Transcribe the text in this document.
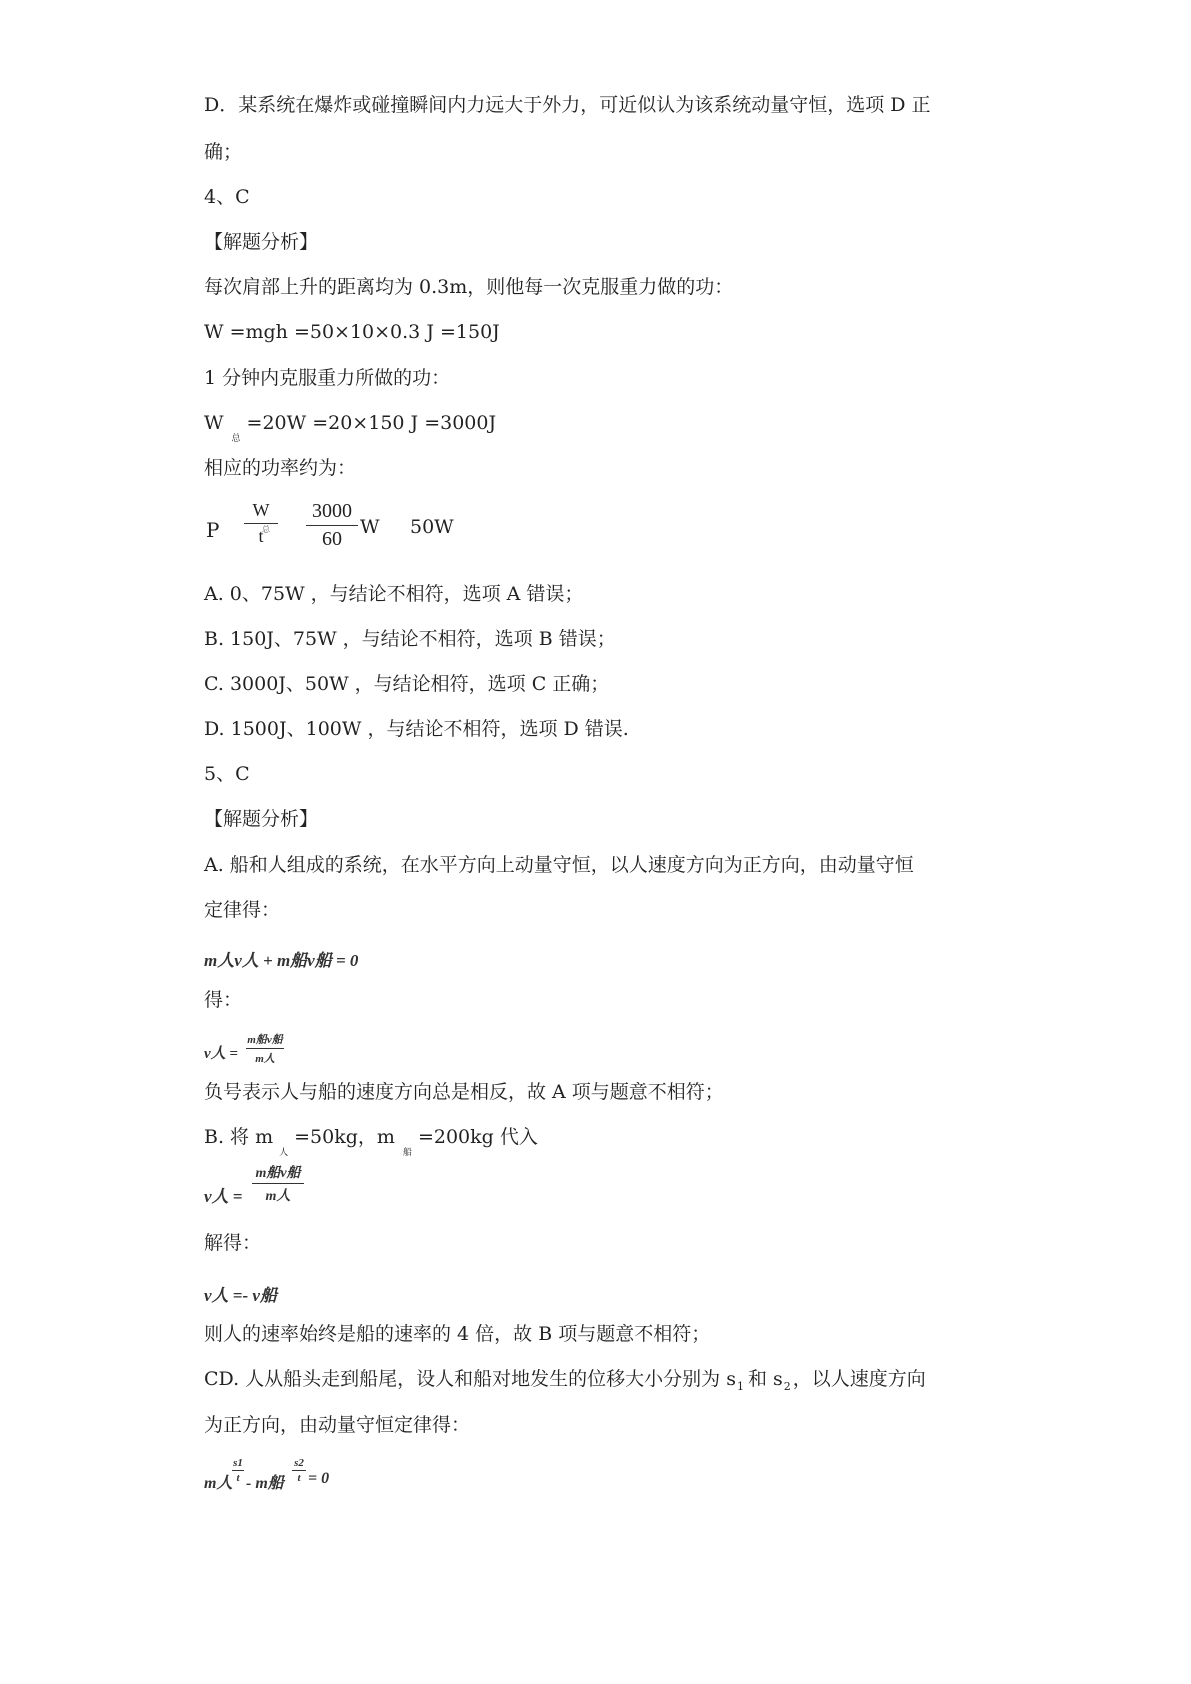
D．某系统在爆炸或碰撞瞬间内力远大于外力，可近似认为该系统动量守恒，选项 D 正
确；
4、C
【解题分析】
每次肩部上升的距离均为 0.3m，则他每一次克服重力做的功：
W =mgh =50×10×0.3 J =150J
1 分钟内克服重力所做的功：
$W_总=20W =20\times 150$ J =3000J
相应的功率约为：
P
W
t
总
3000
60
W 50W
A. 0、75W ，与结论不相符，选项 A 错误；
B. 150J、75W ，与结论不相符，选项 B 错误；
C. 3000J、50W ，与结论相符，选项 C 正确；
D. 1500J、100W ，与结论不相符，选项 D 错误.
5、C
【解题分析】
A. 船和人组成的系统，在水平方向上动量守恒，以人速度方向为正方向，由动量守恒
定律得：
m人v人 + m船v船 = 0
得：
v人 =
m船v船
m人
负号表示人与船的速度方向总是相反，故 A 项与题意不相符；
B. 将 $m_人=50kg$，$m_船=200kg$ 代入
v人 =
m船v船
m人
解得：
v人 =- v船
则人的速率始终是船的速率的 4 倍，故 B 项与题意不相符；
CD. 人从船头走到船尾，设人和船对地发生的位移大小分别为 $s_1$ 和 $s_2$ ，以人速度方向
为正方向，由动量守恒定律得：
m人
s1
t - m船
s2
t = 0
